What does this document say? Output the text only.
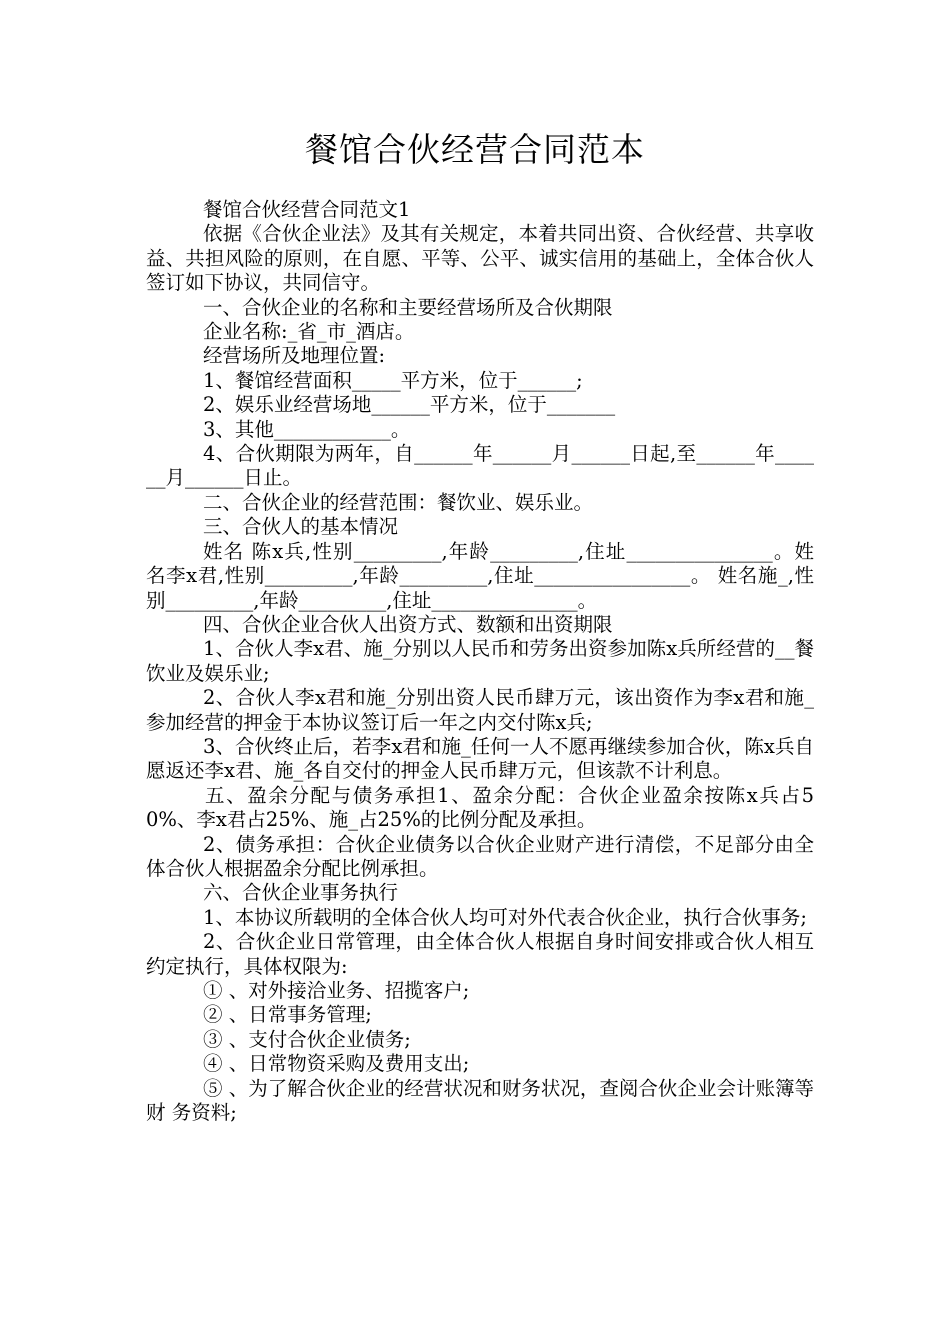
餐馆合伙经营合同范本

餐馆合伙经营合同范文1

依据《合伙企业法》及其有关规定，本着共同出资、合伙经营、共享收益、共担风险的原则，在自愿、平等、公平、诚实信用的基础上，全体合伙人签订如下协议，共同信守。

一、合伙企业的名称和主要经营场所及合伙期限

企业名称:_省_市_酒店。

经营场所及地理位置:

1、餐馆经营面积_____平方米，位于______;

2、娱乐业经营场地______平方米，位于_______

3、其他____________。

4、合伙期限为两年，自______年______月______日起,至______年______月______日止。

二、合伙企业的经营范围：餐饮业、娱乐业。

三、合伙人的基本情况

姓名 陈x兵,性别_________,年龄_________,住址_______________。姓名李x君,性别_________,年龄_________,住址________________。 姓名施_,性别_________,年龄_________,住址_______________。

四、合伙企业合伙人出资方式、数额和出资期限

1、合伙人李x君、施_分别以人民币和劳务出资参加陈x兵所经营的__餐饮业及娱乐业;

2、合伙人李x君和施_分别出资人民币肆万元，该出资作为李x君和施_参加经营的押金于本协议签订后一年之内交付陈x兵;

3、合伙终止后，若李x君和施_任何一人不愿再继续参加合伙，陈x兵自愿返还李x君、施_各自交付的押金人民币肆万元，但该款不计利息。

五、盈余分配与债务承担1、盈余分配：合伙企业盈余按陈x兵占50%、李x君占25%、施_占25%的比例分配及承担。

2、债务承担：合伙企业债务以合伙企业财产进行清偿，不足部分由全体合伙人根据盈余分配比例承担。

六、合伙企业事务执行

1、本协议所载明的全体合伙人均可对外代表合伙企业，执行合伙事务;

2、合伙企业日常管理，由全体合伙人根据自身时间安排或合伙人相互约定执行，具体权限为:

① 、对外接洽业务、招揽客户;

② 、日常事务管理;

③ 、支付合伙企业债务;

④ 、日常物资采购及费用支出;

⑤ 、为了解合伙企业的经营状况和财务状况，查阅合伙企业会计账簿等财 务资料;
